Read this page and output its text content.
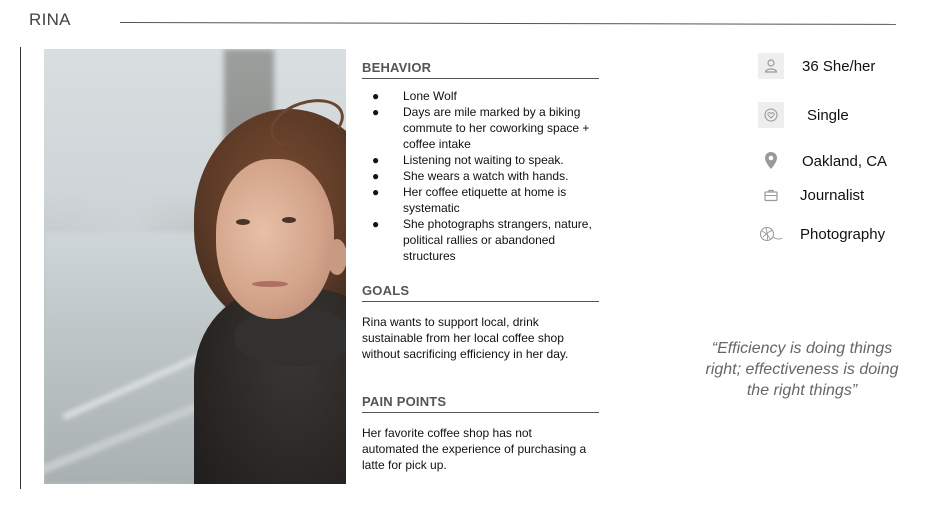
RINA
BEHAVIOR
● Lone Wolf
● Days are mile marked by a biking commute to her coworking space + coffee intake
● Listening not waiting to speak.
● She wears a watch with hands.
● Her coffee etiquette at home is systematic
● She photographs strangers, nature, political rallies or abandoned structures
GOALS
Rina wants to support local, drink sustainable from her local coffee shop without sacrificing efficiency in her day.
PAIN POINTS
Her favorite coffee shop has not automated the experience of purchasing a latte for pick up.
36 She/her
Single
Oakland, CA
Journalist
Photography
“Efficiency is doing things right; effectiveness is doing the right things”
